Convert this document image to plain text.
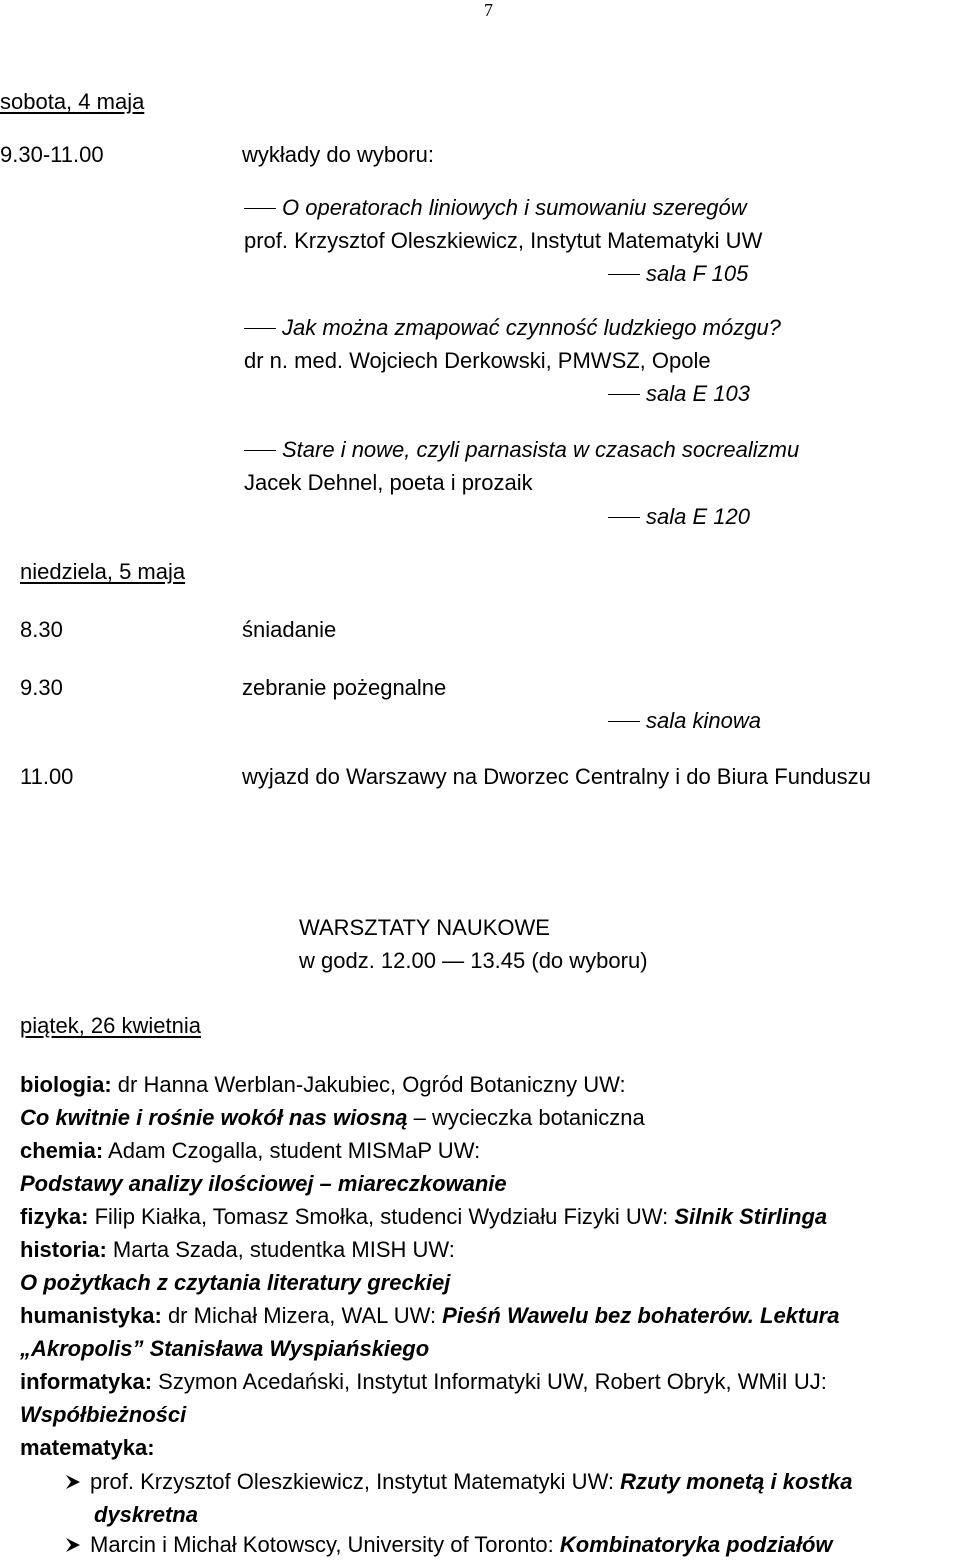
7
sobota, 4 maja
9.30-11.00	wykłady do wyboru:
O operatorach liniowych i sumowaniu szeregów
prof. Krzysztof Oleszkiewicz, Instytut Matematyki UW
sala F 105
Jak można zmapować czynność ludzkiego mózgu?
dr n. med. Wojciech Derkowski, PMWSZ, Opole
sala E 103
Stare i nowe, czyli parnasista w czasach socrealizmu
Jacek Dehnel, poeta i prozaik
sala E 120
niedziela, 5 maja
8.30	śniadanie
9.30	zebranie pożegnalne
sala kinowa
11.00	wyjazd do Warszawy na Dworzec Centralny i do Biura Funduszu
WARSZTATY NAUKOWE
w godz. 12.00 — 13.45 (do wyboru)
piątek, 26 kwietnia
biologia: dr Hanna Werblan-Jakubiec, Ogród Botaniczny UW:
Co kwitnie i rośnie wokół nas wiosną – wycieczka botaniczna
chemia: Adam Czogalla, student MISMaP UW:
Podstawy analizy ilościowej – miareczkowanie
fizyka: Filip Kiałka, Tomasz Smołka, studenci Wydziału Fizyki UW: Silnik Stirlinga
historia: Marta Szada, studentka MISH UW:
O pożytkach z czytania literatury greckiej
humanistyka: dr Michał Mizera, WAL UW: Pieśń Wawelu bez bohaterów. Lektura
„Akropolis” Stanisława Wyspiańskiego
informatyka: Szymon Acedański, Instytut Informatyki UW, Robert Obryk, WMiI UJ:
Współbieżności
matematyka:
prof. Krzysztof Oleszkiewicz, Instytut Matematyki UW: Rzuty monetą i kostka
dyskretna
Marcin i Michał Kotowscy, University of Toronto: Kombinatoryka podziałów
